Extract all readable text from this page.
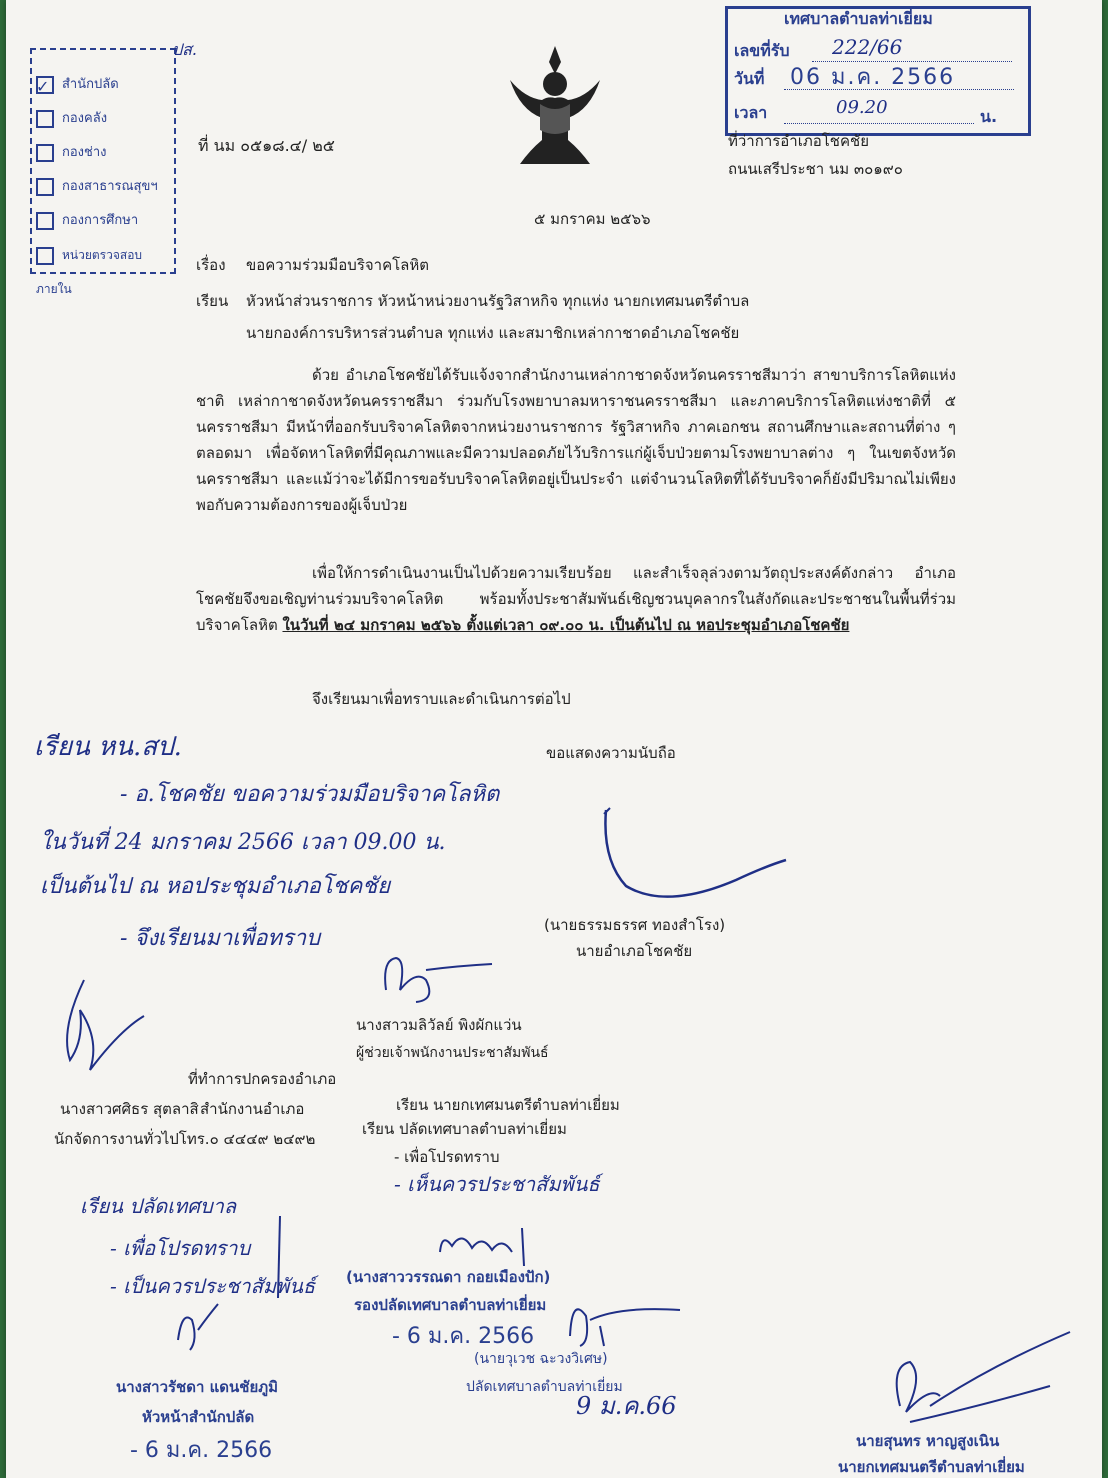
ปส.
✓ สำนักปลัด
กองคลัง
กองช่าง
กองสาธารณสุขฯ
กองการศึกษา
หน่วยตรวจสอบภายใน
เทศบาลตำบลท่าเยี่ยม
เลขที่รับ 222/66
วันที่ 06 ม.ค. 2566
เวลา	09.20	น.
ที่ นม ๐๕๑๘.๔/ ๒๕	ที่ว่าการอำเภอโชคชัย
ถนนเสรีประชา นม ๓๐๑๙๐
๕ มกราคม ๒๕๖๖
เรื่อง ขอความร่วมมือบริจาคโลหิต
เรียน หัวหน้าส่วนราชการ หัวหน้าหน่วยงานรัฐวิสาหกิจ ทุกแห่ง นายกเทศมนตรีตำบล
นายกองค์การบริหารส่วนตำบล ทุกแห่ง และสมาชิกเหล่ากาชาดอำเภอโชคชัย
ด้วย อำเภอโชคชัยได้รับแจ้งจากสำนักงานเหล่ากาชาดจังหวัดนครราชสีมาว่า สาขาบริการโลหิตแห่งชาติ เหล่ากาชาดจังหวัดนครราชสีมา ร่วมกับโรงพยาบาลมหาราชนครราชสีมา และภาคบริการโลหิตแห่งชาติที่ ๕ นครราชสีมา มีหน้าที่ออกรับบริจาคโลหิตจากหน่วยงานราชการ รัฐวิสาหกิจ ภาคเอกชน สถานศึกษาและสถานที่ต่าง ๆ ตลอดมา เพื่อจัดหาโลหิตที่มีคุณภาพและมีความปลอดภัยไว้บริการแก่ผู้เจ็บป่วยตามโรงพยาบาลต่าง ๆ ในเขตจังหวัดนครราชสีมา และแม้ว่าจะได้มีการขอรับบริจาคโลหิตอยู่เป็นประจำ แต่จำนวนโลหิตที่ได้รับบริจาคก็ยังมีปริมาณไม่เพียงพอกับความต้องการของผู้เจ็บป่วย
เพื่อให้การดำเนินงานเป็นไปด้วยความเรียบร้อย และสำเร็จลุล่วงตามวัตถุประสงค์ดังกล่าว อำเภอโชคชัยจึงขอเชิญท่านร่วมบริจาคโลหิต พร้อมทั้งประชาสัมพันธ์เชิญชวนบุคลากรในสังกัดและประชาชนในพื้นที่ร่วมบริจาคโลหิต ในวันที่ ๒๔ มกราคม ๒๕๖๖ ตั้งแต่เวลา ๐๙.๐๐ น. เป็นต้นไป ณ หอประชุมอำเภอโชคชัย
จึงเรียนมาเพื่อทราบและดำเนินการต่อไป
ขอแสดงความนับถือ
เรียน หน.สป.
- อ.โชคชัย ขอความร่วมมือบริจาคโลหิต
ในวันที่ 24 มกราคม 2566 เวลา 09.00 น.
เป็นต้นไป ณ หอประชุมอำเภอโชคชัย
- จึงเรียนมาเพื่อทราบ
(นายธรรมธรรศ ทองสำโรง)
นายอำเภอโชคชัย
นางสาวมลิวัลย์ พิงผักแว่น
ผู้ช่วยเจ้าพนักงานประชาสัมพันธ์
ที่ทำการปกครองอำเภอ
สำนักงานอำเภอ
นางสาวศศิธร สุตลาสิ
นักจัดการงานทั่วไปโทร.๐ ๔๔๔๙ ๒๔๙๒
เรียน นายกเทศมนตรีตำบลท่าเยี่ยม
เรียน ปลัดเทศบาลตำบลท่าเยี่ยม
- เพื่อโปรดทราบ
- เห็นควรประชาสัมพันธ์
เรียน ปลัดเทศบาล
- เพื่อโปรดทราบ
- เป็นควรประชาสัมพันธ์
นางสาวรัชดา แดนชัยภูมิ
หัวหน้าสำนักปลัด
- 6 ม.ค. 2566
(นางสาววรรณดา กอยเมืองปัก)
รองปลัดเทศบาลตำบลท่าเยี่ยม
- 6 ม.ค. 2566
(นายวุเวช ฉะวงวิเศษ)
ปลัดเทศบาลตำบลท่าเยี่ยม
9 ม.ค.66
นายสุนทร หาญสูงเนิน
นายกเทศมนตรีตำบลท่าเยี่ยม
